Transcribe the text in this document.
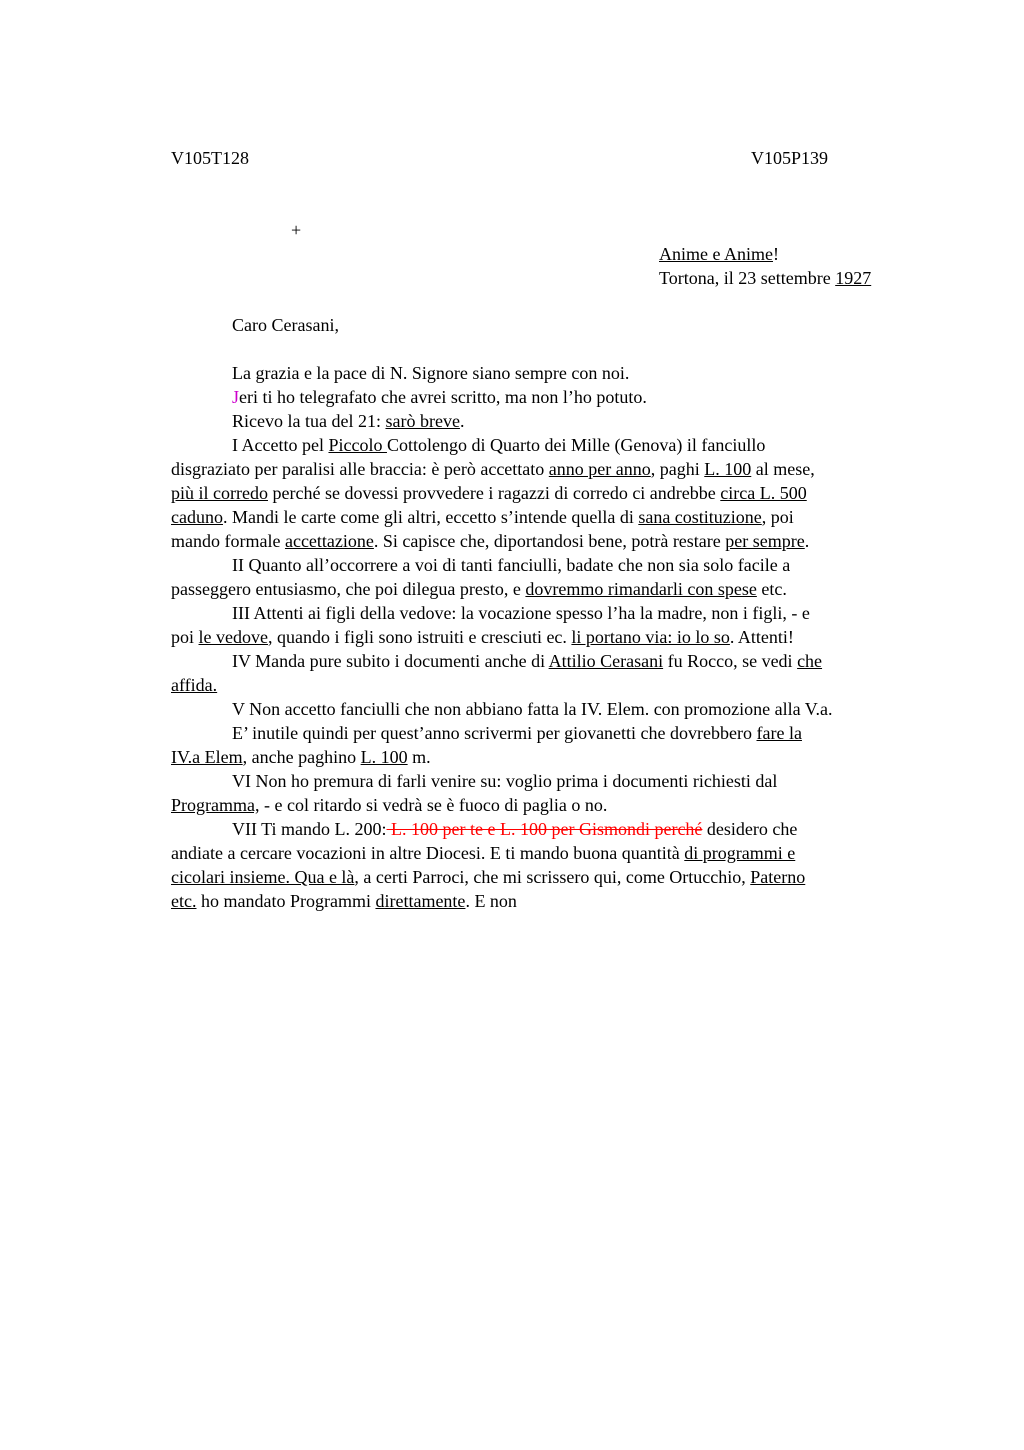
V105T128	V105P139
+
Anime e Anime!
Tortona, il 23 settembre 1927
Caro Cerasani,
La grazia e la pace di N. Signore siano sempre con noi.
Jeri ti ho telegrafato che avrei scritto, ma non l’ho potuto.
Ricevo la tua del 21: sarò breve.
I Accetto pel Piccolo Cottolengo di Quarto dei Mille (Genova) il fanciullo
disgraziato per paralisi alle braccia: è però accettato anno per anno, paghi L. 100 al mese,
più il corredo perché se dovessi provvedere i ragazzi di corredo ci andrebbe circa L. 500
caduno. Mandi le carte come gli altri, eccetto s’intende quella di sana costituzione, poi
mando formale accettazione. Si capisce che, diportandosi bene, potrà restare per sempre.
II Quanto all’occorrere a voi di tanti fanciulli, badate che non sia solo facile a
passeggero entusiasmo, che poi dilegua presto, e dovremmo rimandarli con spese etc.
III Attenti ai figli della vedove: la vocazione spesso l’ha la madre, non i figli, - e
poi le vedove, quando i figli sono istruiti e cresciuti ec. li portano via: io lo so. Attenti!
IV Manda pure subito i documenti anche di Attilio Cerasani fu Rocco, se vedi che
affida.
V Non accetto fanciulli che non abbiano fatta la IV. Elem. con promozione alla V.a.
E’ inutile quindi per quest’anno scrivermi per giovanetti che dovrebbero fare la
IV.a Elem, anche paghino L. 100 m.
VI Non ho premura di farli venire su: voglio prima i documenti richiesti dal
Programma, - e col ritardo si vedrà se è fuoco di paglia o no.
VII Ti mando L. 200: L. 100 per te e L. 100 per Gismondi perché desidero che
andiate a cercare vocazioni in altre Diocesi. E ti mando buona quantità di programmi e
cicolari insieme. Qua e là, a certi Parroci, che mi scrissero qui, come Ortucchio, Paterno
etc. ho mandato Programmi direttamente. E non
